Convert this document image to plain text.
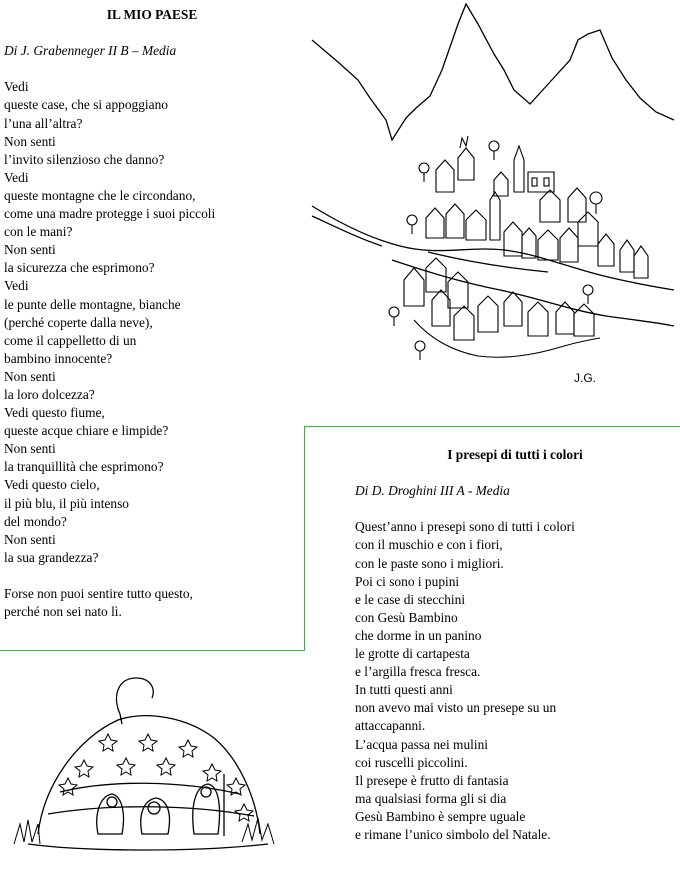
IL MIO PAESE

Di J. Grabenneger II B – Media

Vedi

queste case, che si appoggiano

l’una all’altra?

Non senti

l’invito silenzioso che danno?

Vedi

queste montagne che le circondano,

come una madre protegge i suoi piccoli

con le mani?

Non senti

la sicurezza che esprimono?

Vedi

le punte delle montagne, bianche

(perché coperte dalla neve),

come il cappelletto di un

bambino innocente?

Non senti

la loro dolcezza?

Vedi questo fiume,

queste acque chiare e limpide?

Non senti

la tranquillità che esprimono?

Vedi questo cielo,

il più blu, il più intenso

del mondo?

Non senti

la sua grandezza?

Forse non puoi sentire tutto questo,

perché non sei nato lì.

J.G.

I presepi di tutti i colori

Di D. Droghini III A - Media

Quest’anno i presepi sono di tutti i colori

con il muschio e con i fiori,

con le paste sono i migliori.

Poi ci sono i pupini

e le case di stecchini

con Gesù Bambino

che dorme in un panino

le grotte di cartapesta

e l’argilla fresca fresca.

In tutti questi anni

non avevo mai visto un presepe su un

attaccapanni.

L’acqua passa nei mulini

coi ruscelli piccolini.

Il presepe è frutto di fantasia

ma qualsiasi forma gli si dia

Gesù Bambino è sempre uguale

e rimane l’unico simbolo del Natale.
